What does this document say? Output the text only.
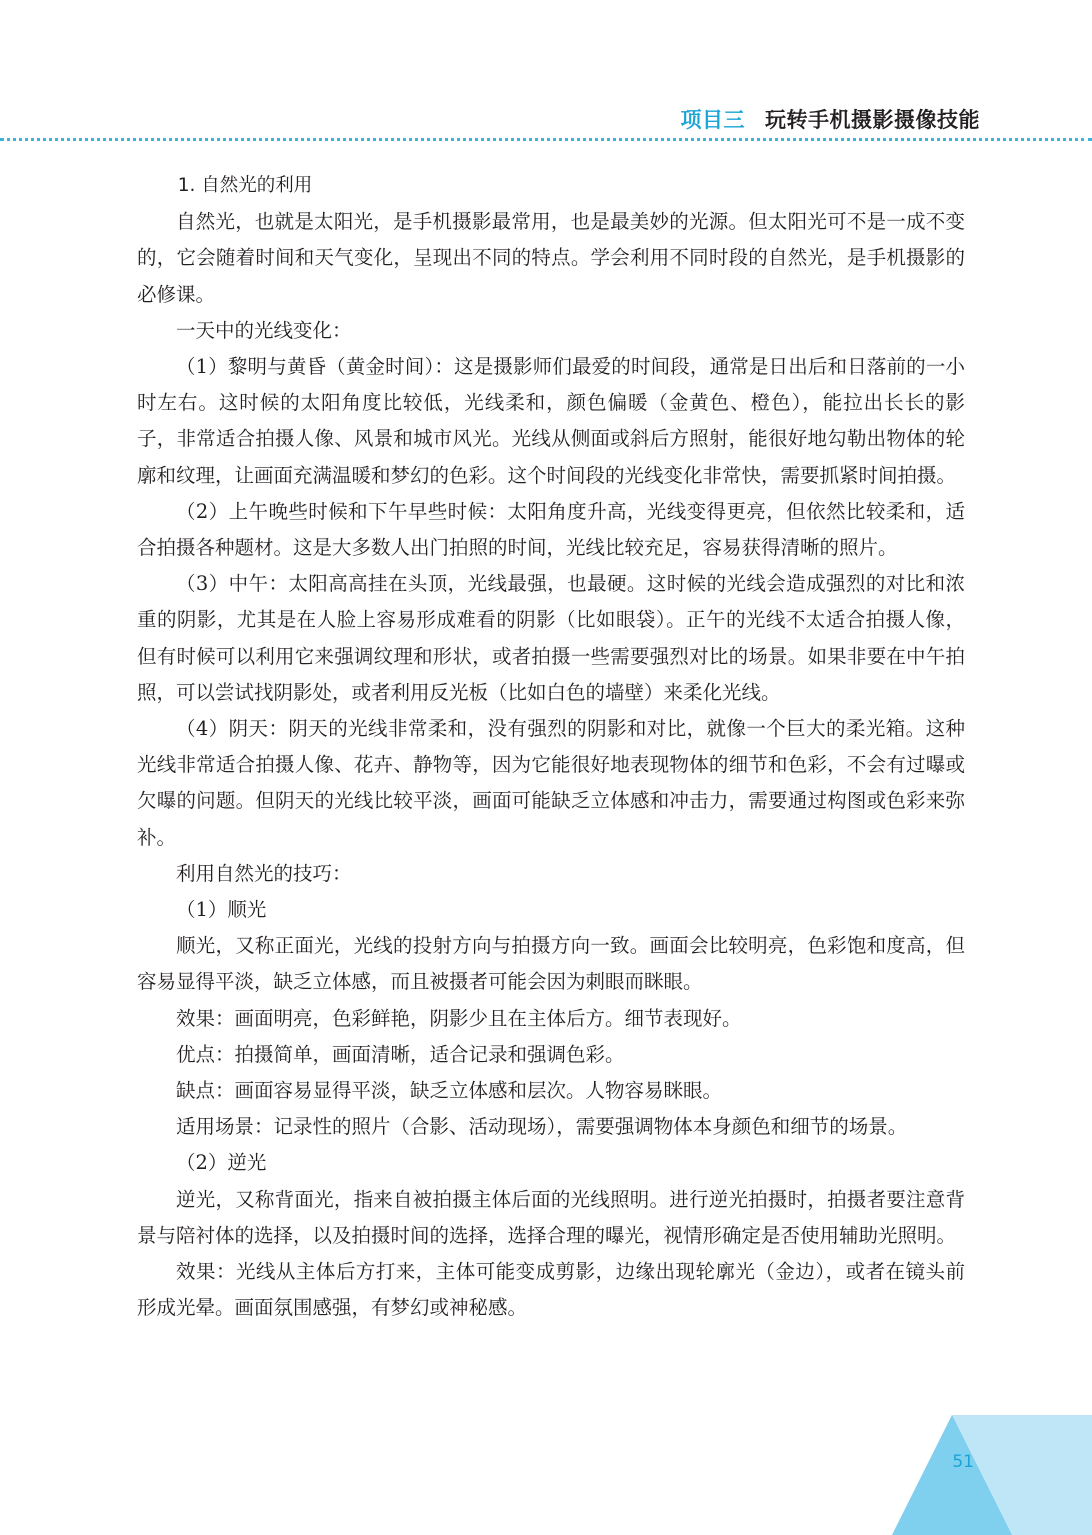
项目三 玩转手机摄影摄像技能

1. 自然光的利用

自然光，也就是太阳光，是手机摄影最常用，也是最美妙的光源。但太阳光可不是一成不变的，它会随着时间和天气变化，呈现出不同的特点。学会利用不同时段的自然光，是手机摄影的必修课。

一天中的光线变化：

（1）黎明与黄昏（黄金时间）：这是摄影师们最爱的时间段，通常是日出后和日落前的一小时左右。这时候的太阳角度比较低，光线柔和，颜色偏暖（金黄色、橙色），能拉出长长的影子，非常适合拍摄人像、风景和城市风光。光线从侧面或斜后方照射，能很好地勾勒出物体的轮廓和纹理，让画面充满温暖和梦幻的色彩。这个时间段的光线变化非常快，需要抓紧时间拍摄。

（2）上午晚些时候和下午早些时候：太阳角度升高，光线变得更亮，但依然比较柔和，适合拍摄各种题材。这是大多数人出门拍照的时间，光线比较充足，容易获得清晰的照片。

（3）中午：太阳高高挂在头顶，光线最强，也最硬。这时候的光线会造成强烈的对比和浓重的阴影，尤其是在人脸上容易形成难看的阴影（比如眼袋）。正午的光线不太适合拍摄人像，但有时候可以利用它来强调纹理和形状，或者拍摄一些需要强烈对比的场景。如果非要在中午拍照，可以尝试找阴影处，或者利用反光板（比如白色的墙壁）来柔化光线。

（4）阴天：阴天的光线非常柔和，没有强烈的阴影和对比，就像一个巨大的柔光箱。这种光线非常适合拍摄人像、花卉、静物等，因为它能很好地表现物体的细节和色彩，不会有过曝或欠曝的问题。但阴天的光线比较平淡，画面可能缺乏立体感和冲击力，需要通过构图或色彩来弥补。

利用自然光的技巧：

（1）顺光

顺光，又称正面光，光线的投射方向与拍摄方向一致。画面会比较明亮，色彩饱和度高，但容易显得平淡，缺乏立体感，而且被摄者可能会因为刺眼而眯眼。

效果：画面明亮，色彩鲜艳，阴影少且在主体后方。细节表现好。

优点：拍摄简单，画面清晰，适合记录和强调色彩。

缺点：画面容易显得平淡，缺乏立体感和层次。人物容易眯眼。

适用场景：记录性的照片（合影、活动现场），需要强调物体本身颜色和细节的场景。

（2）逆光

逆光，又称背面光，指来自被拍摄主体后面的光线照明。进行逆光拍摄时，拍摄者要注意背景与陪衬体的选择，以及拍摄时间的选择，选择合理的曝光，视情形确定是否使用辅助光照明。

效果：光线从主体后方打来，主体可能变成剪影，边缘出现轮廓光（金边），或者在镜头前形成光晕。画面氛围感强，有梦幻或神秘感。

51
